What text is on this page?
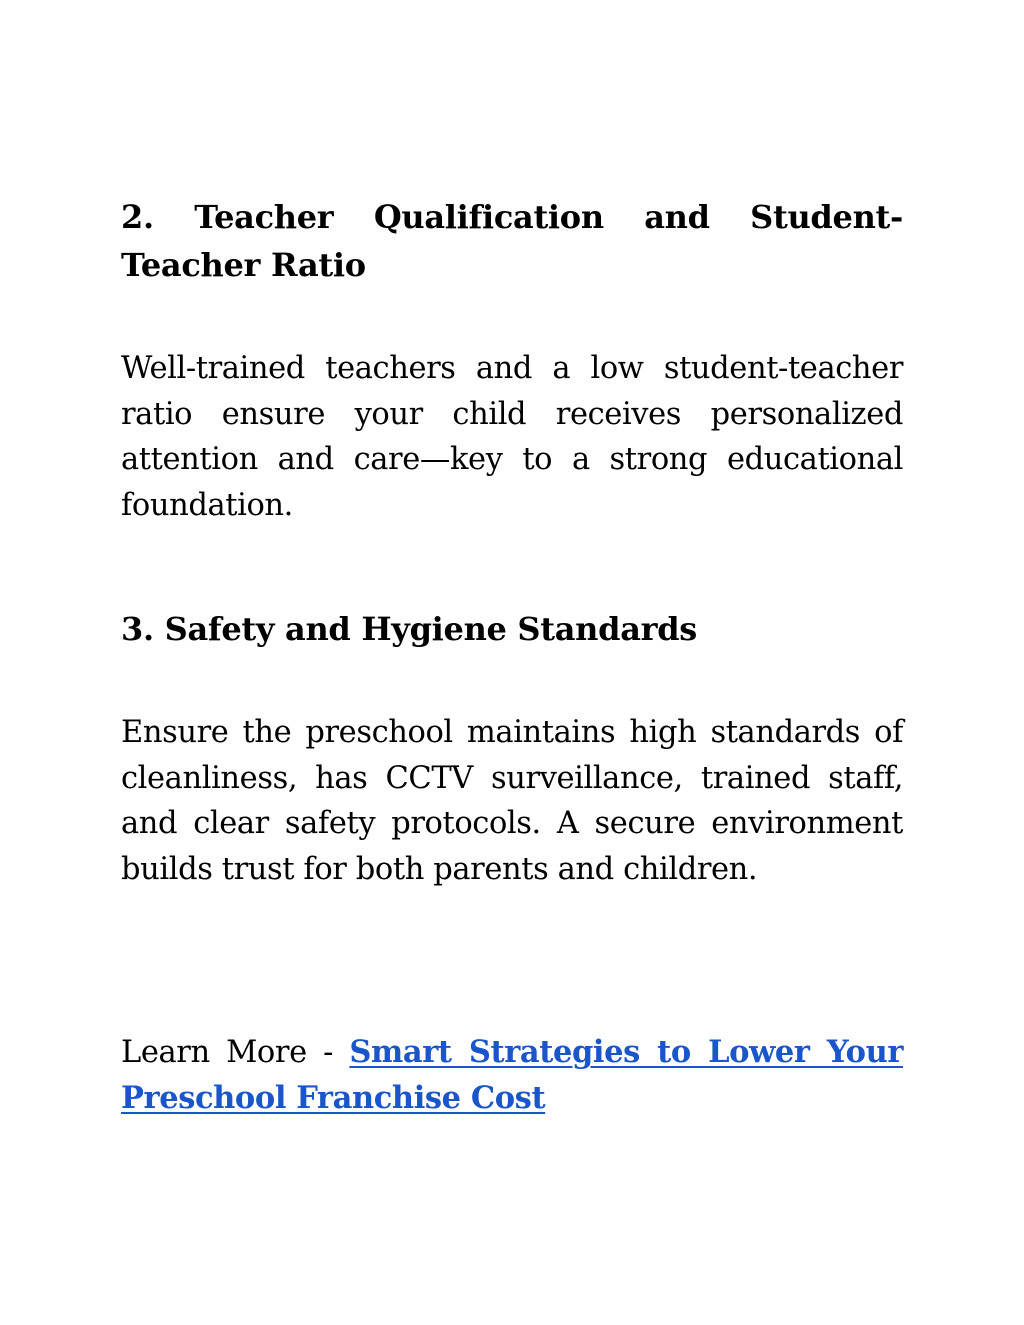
2. Teacher Qualification and Student-Teacher Ratio

Well-trained teachers and a low student-teacher ratio ensure your child receives personalized attention and care—key to a strong educational foundation.

3. Safety and Hygiene Standards

Ensure the preschool maintains high standards of cleanliness, has CCTV surveillance, trained staff, and clear safety protocols. A secure environment builds trust for both parents and children.

Learn More - Smart Strategies to Lower Your Preschool Franchise Cost
